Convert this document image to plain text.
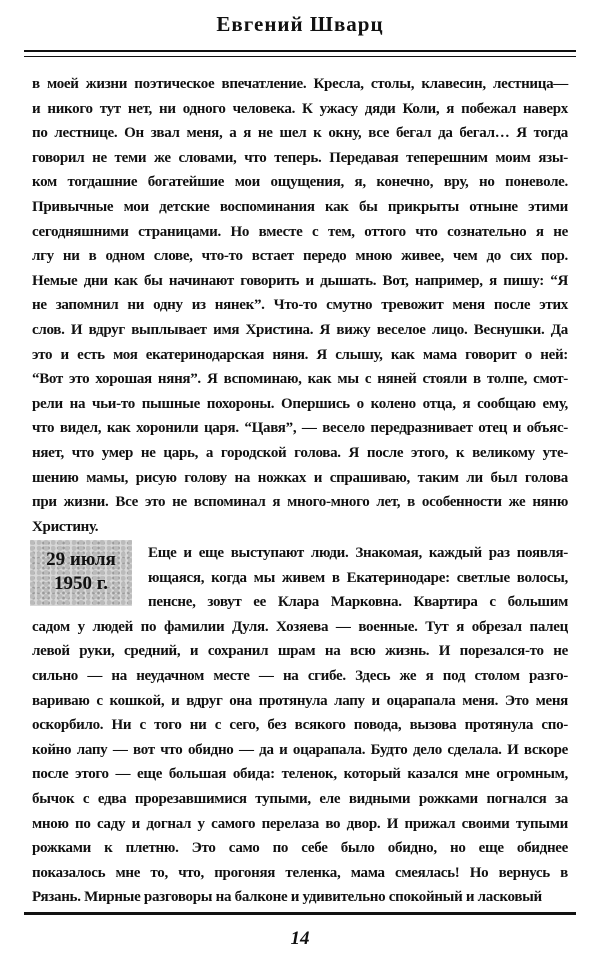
Евгений Шварц
в моей жизни поэтическое впечатление. Кресла, столы, клавесин, лестница—
и никого тут нет, ни одного человека. К ужасу дяди Коли, я побежал наверх
по лестнице. Он звал меня, а я не шел к окну, все бегал да бегал… Я тогда
говорил не теми же словами, что теперь. Передавая теперешним моим язы-
ком тогдашние богатейшие мои ощущения, я, конечно, вру, но поневоле.
Привычные мои детские воспоминания как бы прикрыты отныне этими
сегодняшними страницами. Но вместе с тем, оттого что сознательно я не
лгу ни в одном слове, что-то встает передо мною живее, чем до сих пор.
Немые дни как бы начинают говорить и дышать. Вот, например, я пишу: “Я
не запомнил ни одну из нянек”. Что-то смутно тревожит меня после этих
слов. И вдруг выплывает имя Христина. Я вижу веселое лицо. Веснушки. Да
это и есть моя екатеринодарская няня. Я слышу, как мама говорит о ней:
“Вот это хорошая няня”. Я вспоминаю, как мы с няней стояли в толпе, смот-
рели на чьи-то пышные похороны. Опершись о колено отца, я сообщаю ему,
что видел, как хоронили царя. “Цавя”, — весело передразнивает отец и объяс-
няет, что умер не царь, а городской голова. Я после этого, к великому уте-
шению мамы, рисую голову на ножках и спрашиваю, таким ли был голова
при жизни. Все это не вспоминал я много-много лет, в особенности же няню
Христину.
29 июля
1950 г.
Еще и еще выступают люди. Знакомая, каждый раз появля-
ющаяся, когда мы живем в Екатеринодаре: светлые волосы,
пенсне, зовут ее Клара Марковна. Квартира с большим
садом у людей по фамилии Дуля. Хозяева — военные. Тут я обрезал палец
левой руки, средний, и сохранил шрам на всю жизнь. И порезался-то не
сильно — на неудачном месте — на сгибе. Здесь же я под столом разго-
вариваю с кошкой, и вдруг она протянула лапу и оцарапала меня. Это меня
оскорбило. Ни с того ни с сего, без всякого повода, вызова протянула спо-
койно лапу — вот что обидно — да и оцарапала. Будто дело сделала. И вскоре
после этого — еще большая обида: теленок, который казался мне огромным,
бычок с едва прорезавшимися тупыми, еле видными рожками погнался за
мною по саду и догнал у самого перелаза во двор. И прижал своими тупыми
рожками к плетню. Это само по себе было обидно, но еще обиднее
показалось мне то, что, прогоняя теленка, мама смеялась! Но вернусь в
Рязань. Мирные разговоры на балконе и удивительно спокойный и ласковый
14
